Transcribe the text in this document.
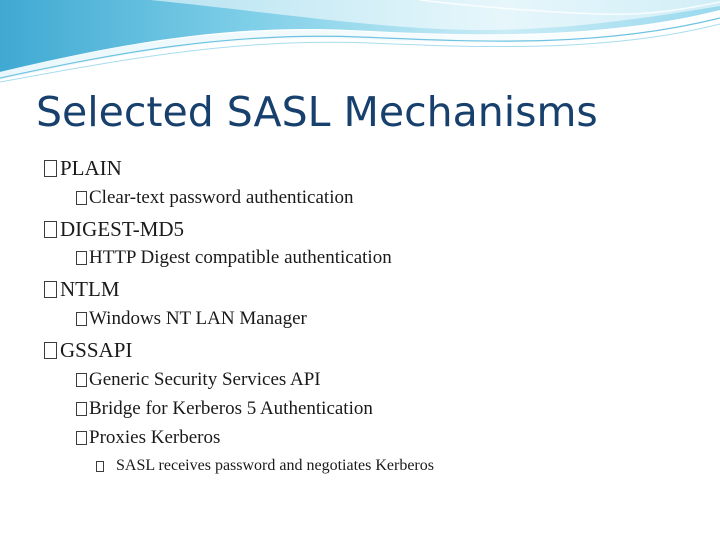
Selected SASL Mechanisms
PLAIN
Clear-text password authentication
DIGEST-MD5
HTTP Digest compatible authentication
NTLM
Windows NT LAN Manager
GSSAPI
Generic Security Services API
Bridge for Kerberos 5 Authentication
Proxies Kerberos
SASL receives password and negotiates Kerberos
